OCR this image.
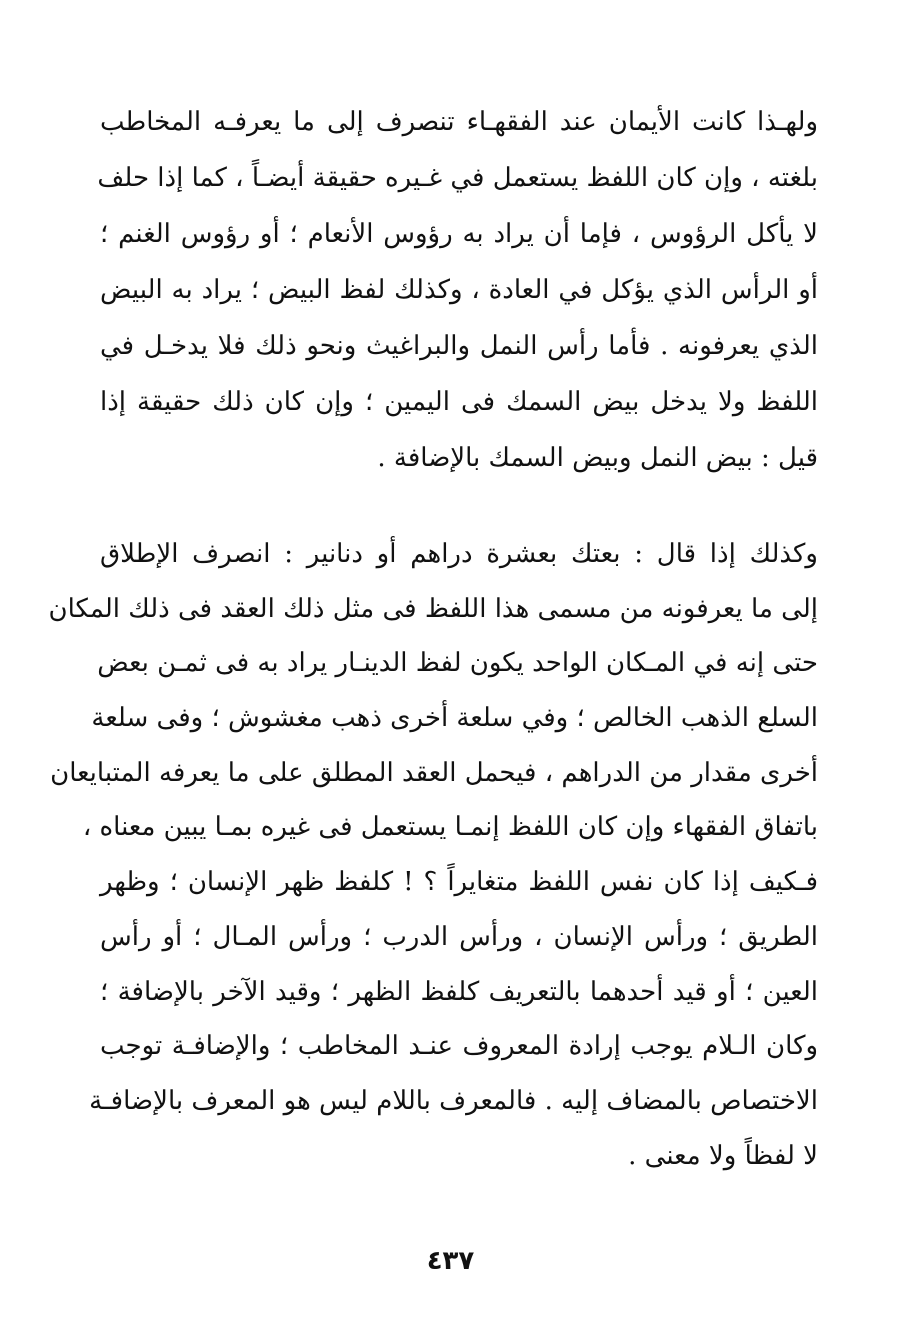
ولهـذا كانت الأيمان عند الفقهـاء تنصرف إلى ما يعرفـه المخاطب
بلغته ، وإن كان اللفظ يستعمل في غـيره حقيقة أيضـاً ، كما إذا حلف
لا يأكل الرؤوس ، فإما أن يراد به رؤوس الأنعام ؛ أو رؤوس الغنم ؛
أو الرأس الذي يؤكل في العادة ، وكذلك لفظ البيض ؛ يراد به البيض
الذي يعرفونه . فأما رأس النمل والبراغيث ونحو ذلك فلا يدخـل في
اللفظ ولا يدخل بيض السمك فى اليمين ؛ وإن كان ذلك حقيقة إذا
قيل : بيض النمل وبيض السمك بالإضافة .
وكذلك إذا قال : بعتك بعشرة دراهم أو دنانير : انصرف الإطلاق
إلى ما يعرفونه من مسمى هذا اللفظ فى مثل ذلك العقد فى ذلك المكان
حتى إنه في المـكان الواحد يكون لفظ الدينـار يراد به فى ثمـن بعض
السلع الذهب الخالص ؛ وفي سلعة أخرى ذهب مغشوش ؛ وفى سلعة
أخرى مقدار من الدراهم ، فيحمل العقد المطلق على ما يعرفه المتبايعان
باتفاق الفقهاء وإن كان اللفظ إنمـا يستعمل فى غيره بمـا يبين معناه ،
فـكيف إذا كان نفس اللفظ متغايراً ؟ ! كلفظ ظهر الإنسان ؛ وظهر
الطريق ؛ ورأس الإنسان ، ورأس الدرب ؛ ورأس المـال ؛ أو رأس
العين ؛ أو قيد أحدهما بالتعريف كلفظ الظهر ؛ وقيد الآخر بالإضافة ؛
وكان الـلام يوجب إرادة المعروف عنـد المخاطب ؛ والإضافـة توجب
الاختصاص بالمضاف إليه . فالمعرف باللام ليس هو المعرف بالإضافـة
لا لفظاً ولا معنى .
٤٣٧
